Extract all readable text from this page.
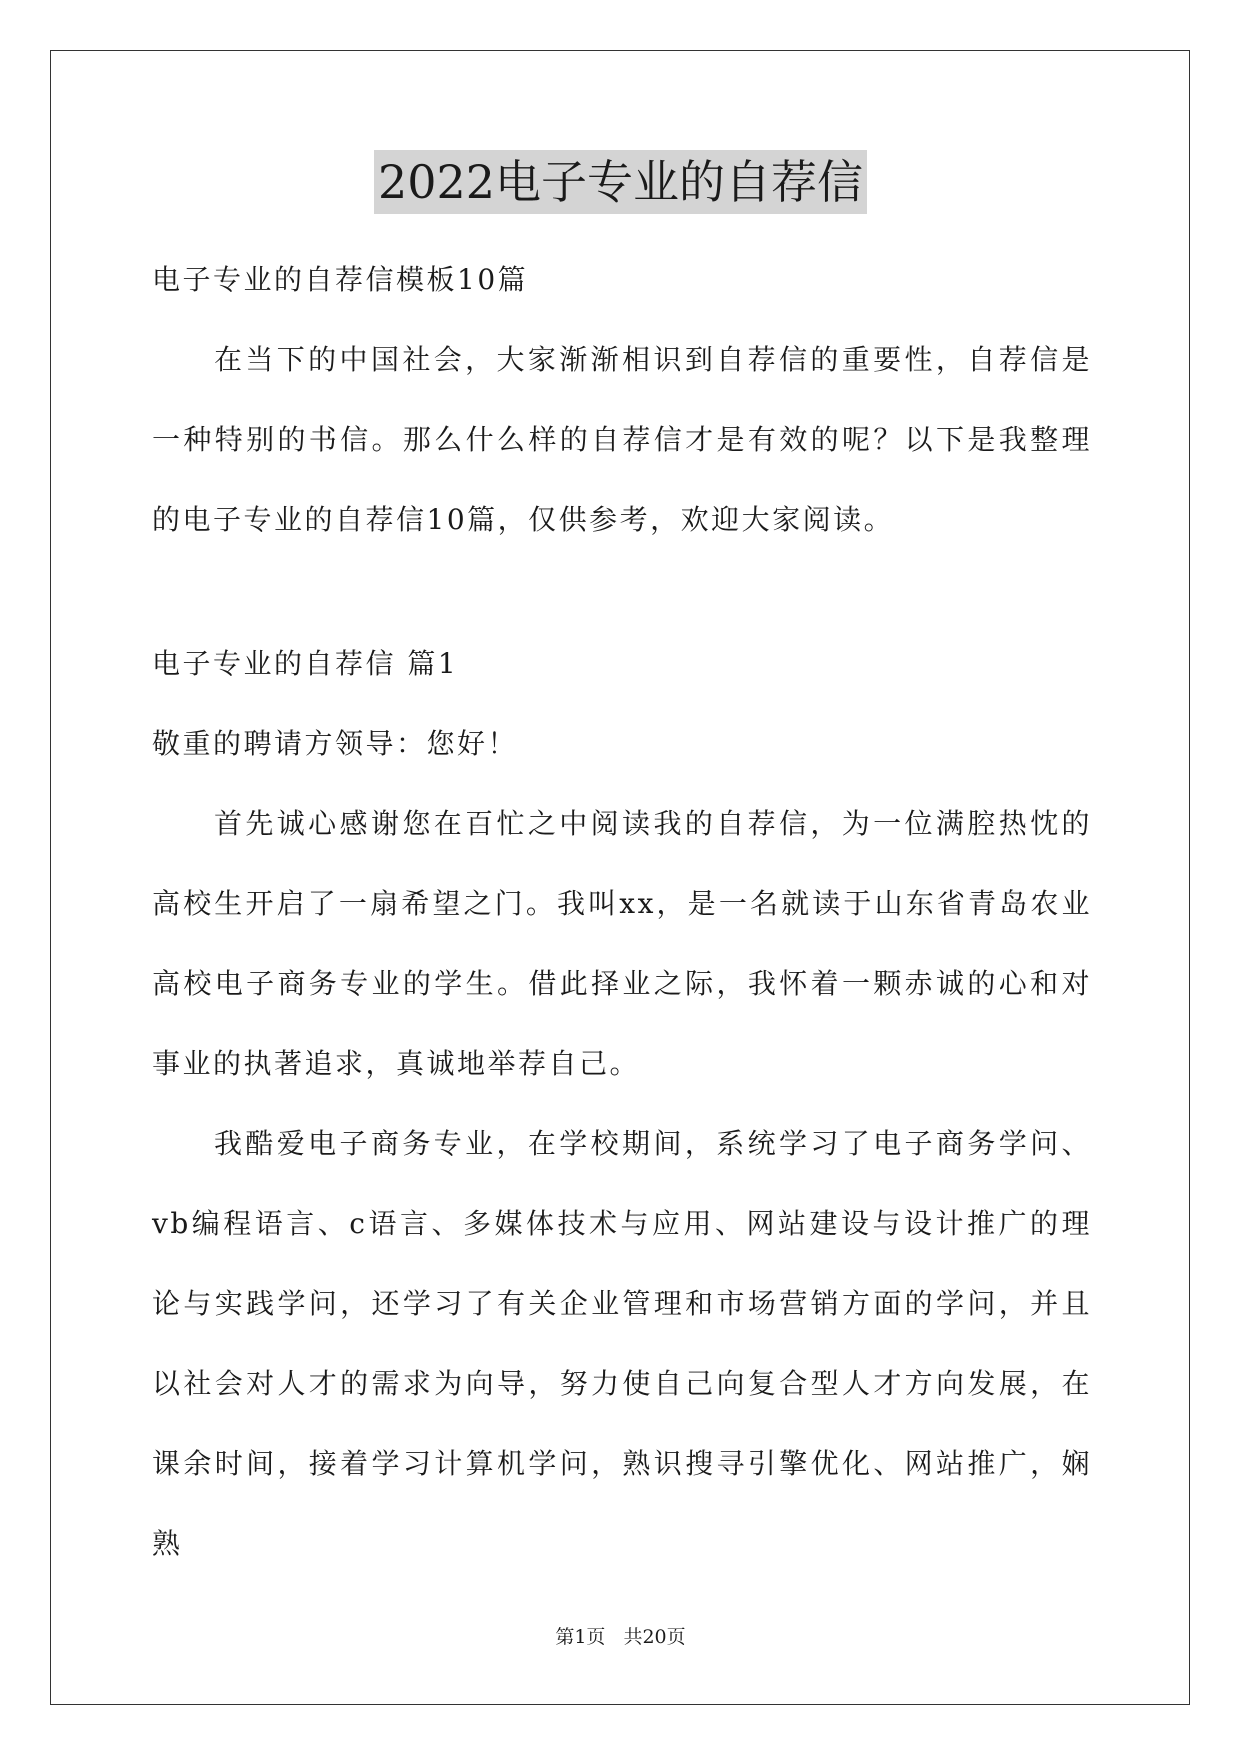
2022电子专业的自荐信
电子专业的自荐信模板10篇

在当下的中国社会，大家渐渐相识到自荐信的重要性，自荐信是一种特别的书信。那么什么样的自荐信才是有效的呢？以下是我整理的电子专业的自荐信10篇，仅供参考，欢迎大家阅读。

电子专业的自荐信 篇1
敬重的聘请方领导：您好！

首先诚心感谢您在百忙之中阅读我的自荐信，为一位满腔热忱的高校生开启了一扇希望之门。我叫xx，是一名就读于山东省青岛农业高校电子商务专业的学生。借此择业之际，我怀着一颗赤诚的心和对事业的执著追求，真诚地举荐自己。

我酷爱电子商务专业，在学校期间，系统学习了电子商务学问、vb编程语言、c语言、多媒体技术与应用、网站建设与设计推广的理论与实践学问，还学习了有关企业管理和市场营销方面的学问，并且以社会对人才的需求为向导，努力使自己向复合型人才方向发展，在课余时间，接着学习计算机学问，熟识搜寻引擎优化、网站推广，娴熟

第1页 共20页
